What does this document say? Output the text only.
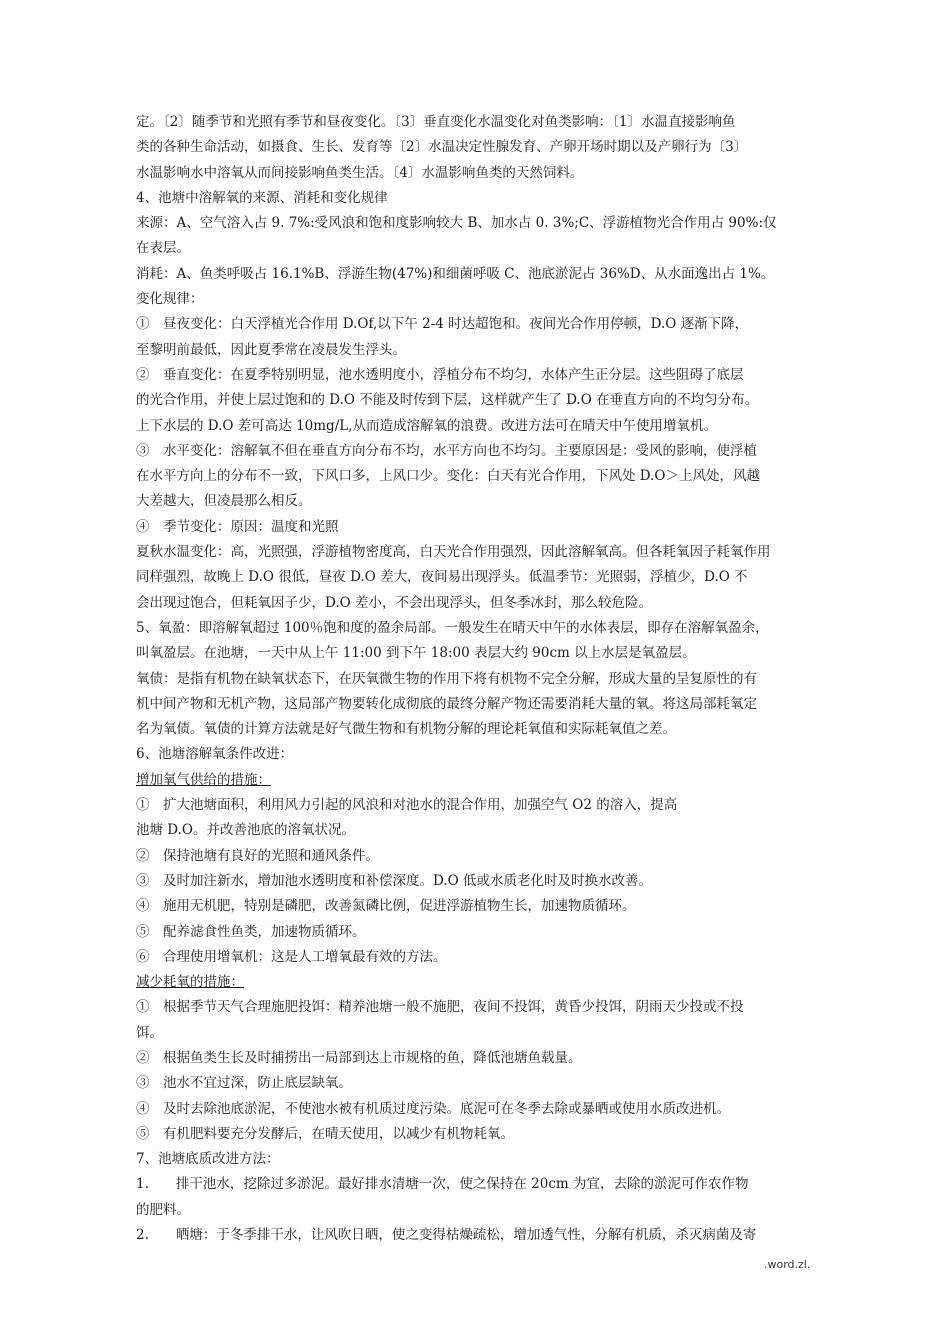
定。〔2〕随季节和光照有季节和昼夜变化。〔3〕垂直变化水温变化对鱼类影响：〔1〕水温直接影响鱼
类的各种生命活动，如摄食、生长、发育等〔2〕水温决定性腺发育、产卵开场时期以及产卵行为〔3〕
水温影响水中溶氧从而间接影响鱼类生活。〔4〕水温影响鱼类的天然饲料。
4、池塘中溶解氧的来源、消耗和变化规律
来源：A、空气溶入占 9. 7%:受风浪和饱和度影响较大 B、加水占 0. 3%;C、浮游植物光合作用占 90%:仅
在表层。
消耗：A、鱼类呼吸占 16.1%B、浮游生物(47%)和细菌呼吸 C、池底淤泥占 36%D、从水面逸出占 1%。
变化规律：
①　昼夜变化：白天浮植光合作用 D.Of,以下午 2-4 时达超饱和。夜间光合作用停顿，D.O 逐渐下降，
至黎明前最低，因此夏季常在凌晨发生浮头。
②　垂直变化：在夏季特别明显，池水透明度小，浮植分布不均匀，水体产生正分层。这些阻碍了底层
的光合作用，并使上层过饱和的 D.O 不能及时传到下层，这样就产生了 D.O 在垂直方向的不均匀分布。
上下水层的 D.O 差可高达 10mg/L,从而造成溶解氧的浪费。改进方法可在晴天中午使用增氧机。
③　水平变化：溶解氧不但在垂直方向分布不均，水平方向也不均匀。主要原因是：受风的影响，使浮植
在水平方向上的分布不一致，下风口多，上风口少。变化：白天有光合作用，下风处 D.O＞上风处，风越
大差越大，但凌晨那么相反。
④　季节变化：原因：温度和光照
夏秋水温变化：高，光照强，浮游植物密度高，白天光合作用强烈，因此溶解氧高。但各耗氧因子耗氧作用
同样强烈，故晚上 D.O 很低，昼夜 D.O 差大，夜间易出现浮头。低温季节：光照弱，浮植少，D.O 不
会出现过饱合，但耗氧因子少，D.O 差小，不会出现浮头，但冬季冰封，那么较危险。
5、氧盈：即溶解氧超过 100％饱和度的盈余局部。一般发生在晴天中午的水体表层，即存在溶解氧盈余，
叫氧盈层。在池塘，一天中从上午 11:00 到下午 18:00 表层大约 90cm 以上水层是氧盈层。
氧债：是指有机物在缺氧状态下，在厌氧微生物的作用下将有机物不完全分解，形成大量的呈复原性的有
机中间产物和无机产物，这局部产物要转化成彻底的最终分解产物还需要消耗大量的氧。将这局部耗氧定
名为氧债。氧债的计算方法就是好气微生物和有机物分解的理论耗氧值和实际耗氧值之差。
6、池塘溶解氧条件改进：
增加氧气供给的措施：
①　扩大池塘面积，利用风力引起的风浪和对池水的混合作用，加强空气 O2 的溶入，提高
池塘 D.O。并改善池底的溶氧状况。
②　保持池塘有良好的光照和通风条件。
③　及时加注新水，增加池水透明度和补偿深度。D.O 低或水质老化时及时换水改善。
④　施用无机肥，特别是磷肥，改善氮磷比例，促进浮游植物生长，加速物质循环。
⑤　配养滤食性鱼类，加速物质循环。
⑥　合理使用增氧机：这是人工增氧最有效的方法。
减少耗氧的措施：
①　根据季节天气合理施肥投饵：精养池塘一般不施肥，夜间不投饵，黄昏少投饵，阴雨天少投或不投
饵。
②　根据鱼类生长及时捕捞出一局部到达上市规格的鱼，降低池塘鱼载量。
③　池水不宜过深，防止底层缺氧。
④　及时去除池底淤泥，不使池水被有机质过度污染。底泥可在冬季去除或暴晒或使用水质改进机。
⑤　有机肥料要充分发酵后，在晴天使用，以减少有机物耗氧。
7、池塘底质改进方法：
1.　　排干池水，挖除过多淤泥。最好排水清塘一次，使之保持在 20cm 为宜，去除的淤泥可作农作物
的肥料。
2.　　晒塘：于冬季排干水，让风吹日晒，使之变得枯燥疏松，增加透气性，分解有机质，杀灭病菌及寄
.word.zl.
